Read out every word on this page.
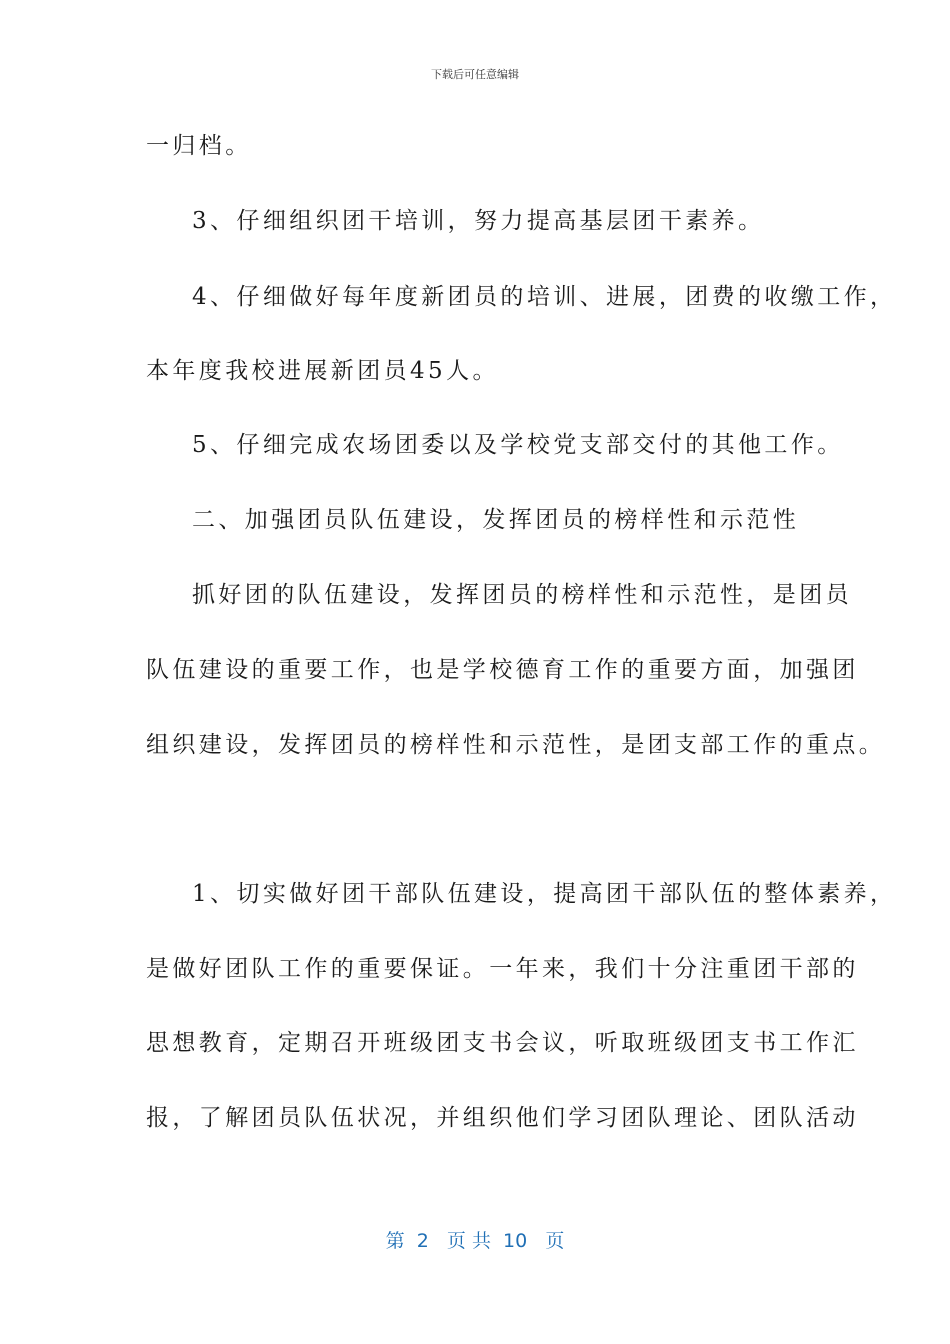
下载后可任意编辑
一归档。
3、仔细组织团干培训，努力提高基层团干素养。
4、仔细做好每年度新团员的培训、进展，团费的收缴工作，
本年度我校进展新团员45人。
5、仔细完成农场团委以及学校党支部交付的其他工作。
二、加强团员队伍建设，发挥团员的榜样性和示范性
抓好团的队伍建设，发挥团员的榜样性和示范性，是团员
队伍建设的重要工作，也是学校德育工作的重要方面，加强团
组织建设，发挥团员的榜样性和示范性，是团支部工作的重点。
1、切实做好团干部队伍建设，提高团干部队伍的整体素养，
是做好团队工作的重要保证。一年来，我们十分注重团干部的
思想教育，定期召开班级团支书会议，听取班级团支书工作汇
报，了解团员队伍状况，并组织他们学习团队理论、团队活动
第  2   页 共  10   页
